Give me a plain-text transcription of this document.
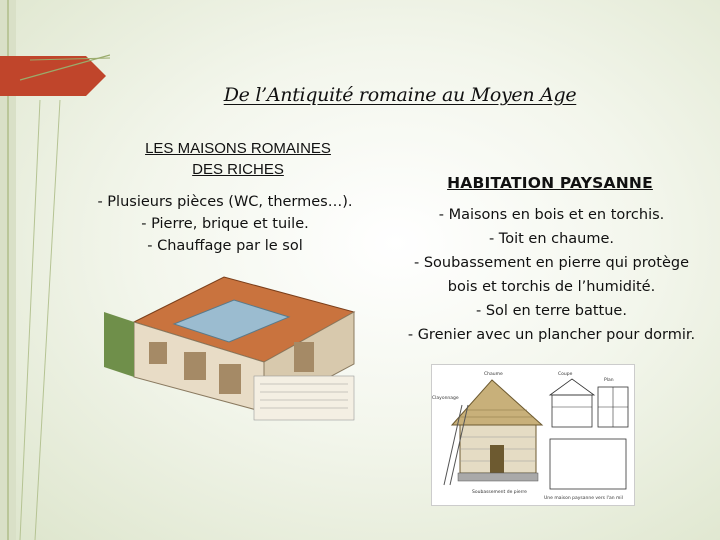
De l’Antiquité romaine au Moyen Age
LES MAISONS ROMAINES
DES RICHES
- Plusieurs pièces (WC, thermes…).
- Pierre, brique et tuile.
- Chauffage par le sol
HABITATION PAYSANNE
- Maisons en bois et en torchis.
- Toit en chaume.
- Soubassement en pierre qui protège
bois et torchis de l’humidité.
- Sol en terre battue.
- Grenier avec un plancher pour dormir.
Chaume
Clayonnage
Coupe
Plan
Soubassement de pierre
Une maison paysanne vers l'an mil
